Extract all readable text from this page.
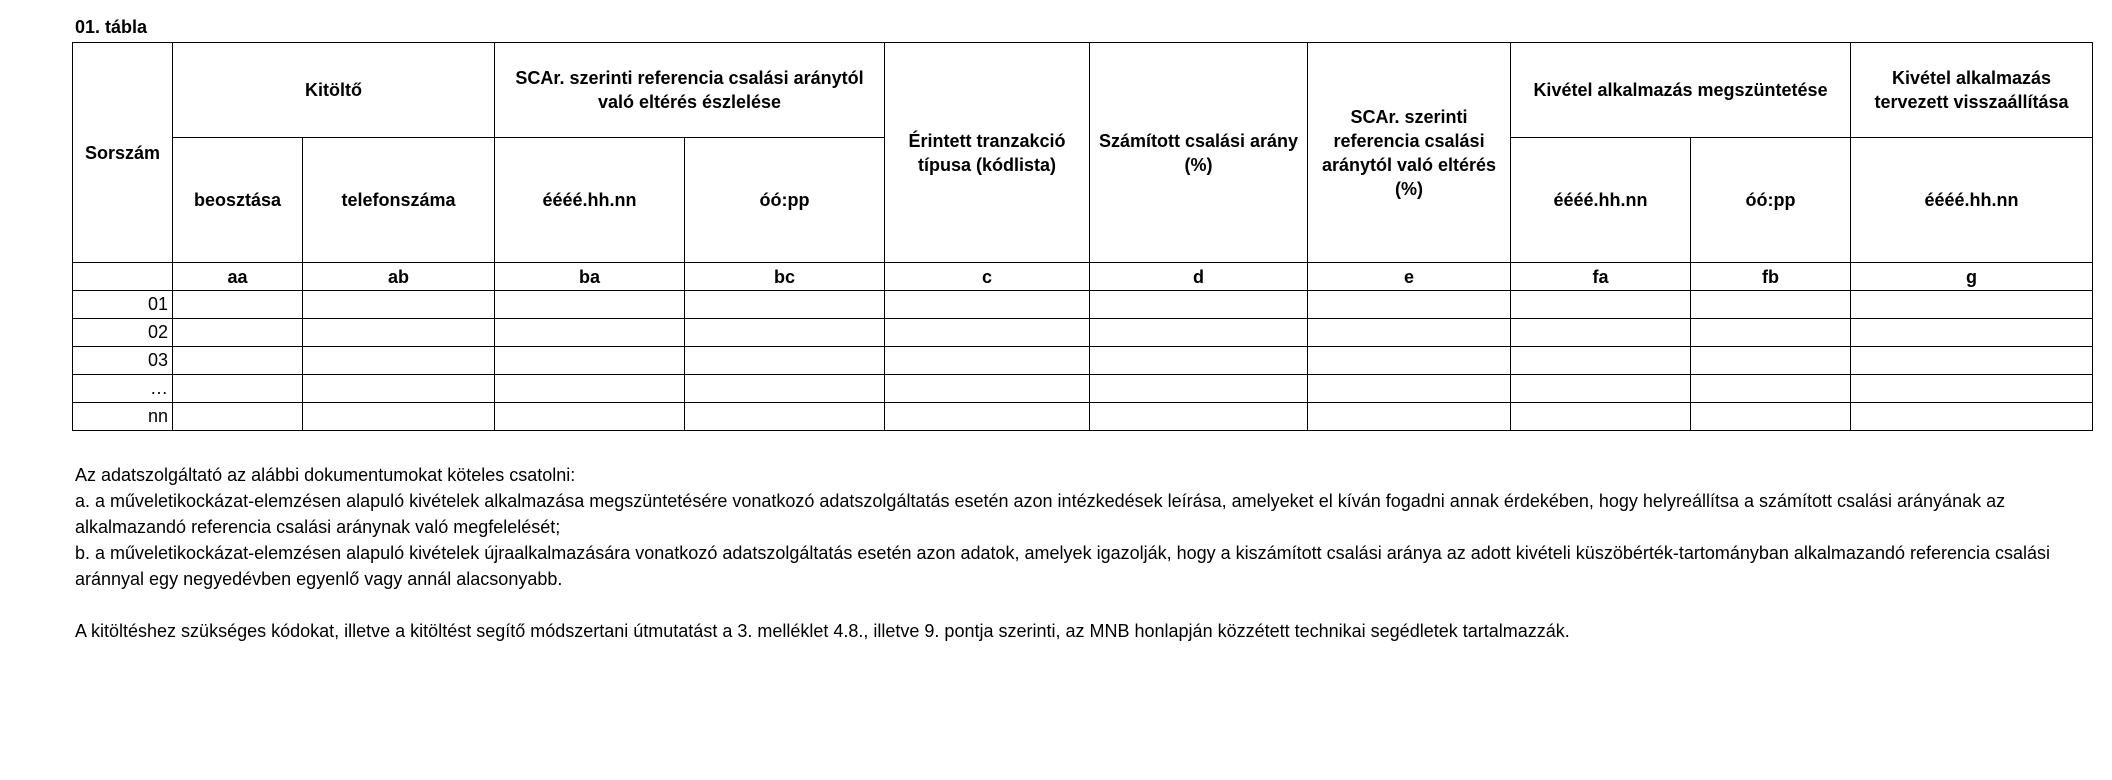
01. tábla
Sorszám	Kitöltő		SCAr. szerinti referencia csalási aránytól való eltérés észlelése		Érintett tranzakció típusa (kódlista)	Számított csalási arány (%)	SCAr. szerinti referencia csalási aránytól való eltérés (%)	Kivétel alkalmazás megszüntetése		Kivétel alkalmazás tervezett visszaállítása
	beosztása	telefonszáma	éééé.hh.nn	óó:pp				éééé.hh.nn	óó:pp	éééé.hh.nn
	aa	ab	ba	bc	c	d	e	fa	fb	g
01										
02										
03										
…										
nn										

Az adatszolgáltató az alábbi dokumentumokat köteles csatolni:

a. a műveletikockázat-elemzésen alapuló kivételek alkalmazása megszüntetésére vonatkozó adatszolgáltatás esetén azon intézkedések leírása, amelyeket el kíván fogadni annak érdekében, hogy helyreállítsa a számított csalási arányának az alkalmazandó referencia csalási aránynak való megfelelését;

b. a műveletikockázat-elemzésen alapuló kivételek újraalkalmazására vonatkozó adatszolgáltatás esetén azon adatok, amelyek igazolják, hogy a kiszámított csalási aránya az adott kivételi küszöbérték-tartományban alkalmazandó referencia csalási aránnyal egy negyedévben egyenlő vagy annál alacsonyabb.

A kitöltéshez szükséges kódokat, illetve a kitöltést segítő módszertani útmutatást a 3. melléklet 4.8., illetve 9. pontja szerinti, az MNB honlapján közzétett technikai segédletek tartalmazzák.
